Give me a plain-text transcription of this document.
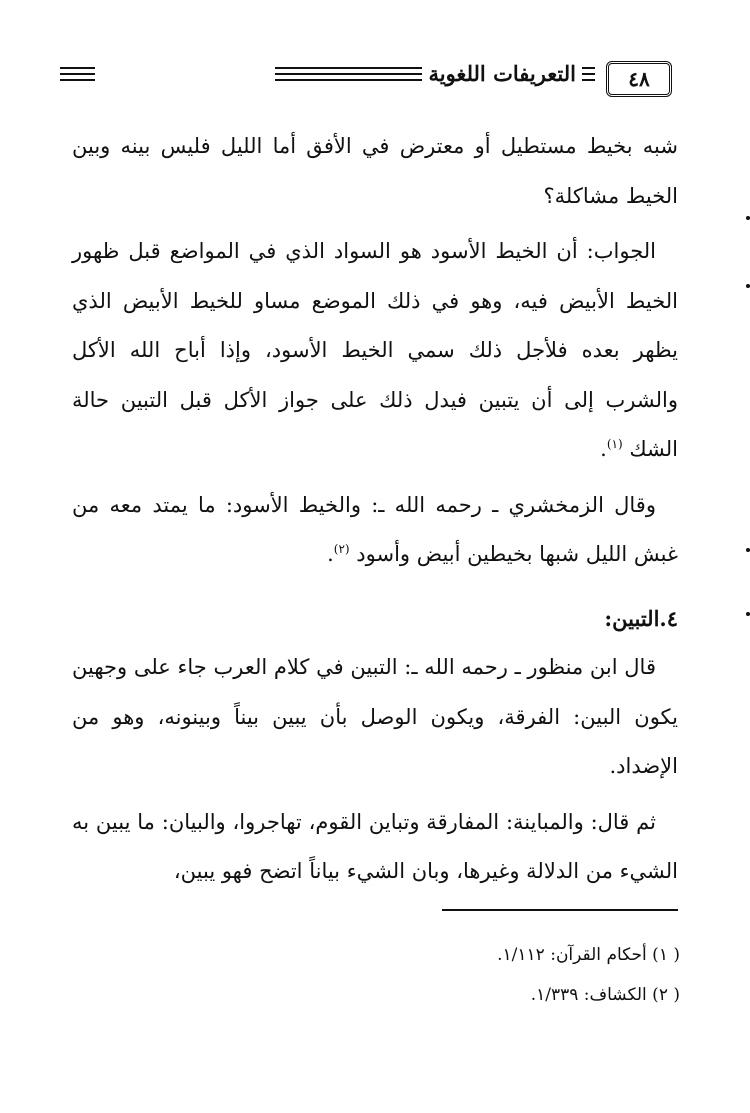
التعريفات اللغوية	٤٨

شبه بخيط مستطيل أو معترض في الأفق أما الليل فليس بينه وبين الخيط مشاكلة؟

الجواب: أن الخيط الأسود هو السواد الذي في المواضع قبل ظهور الخيط الأبيض فيه، وهو في ذلك الموضع مساو للخيط الأبيض الذي يظهر بعده فلأجل ذلك سمي الخيط الأسود، وإذا أباح الله الأكل والشرب إلى أن يتبين فيدل ذلك على جواز الأكل قبل التبين حالة الشك $^{(١)}$.

وقال الزمخشري ـ رحمه الله ـ: والخيط الأسود: ما يمتد معه من غبش الليل شبها بخيطين أبيض وأسود $^{(٢)}$.

٤.التبين:

قال ابن منظور ـ رحمه الله ـ: التبين في كلام العرب جاء على وجهين يكون البين: الفرقة، ويكون الوصل بأن يبين بيناً وبينونه، وهو من الإضداد.

ثم قال: والمباينة: المفارقة وتباين القوم، تهاجروا، والبيان: ما يبين به الشيء من الدلالة وغيرها، وبان الشيء بياناً اتضح فهو يبين،

( ١) أحكام القرآن: ١/١١٢.
( ٢) الكشاف: ١/٣٣٩.
